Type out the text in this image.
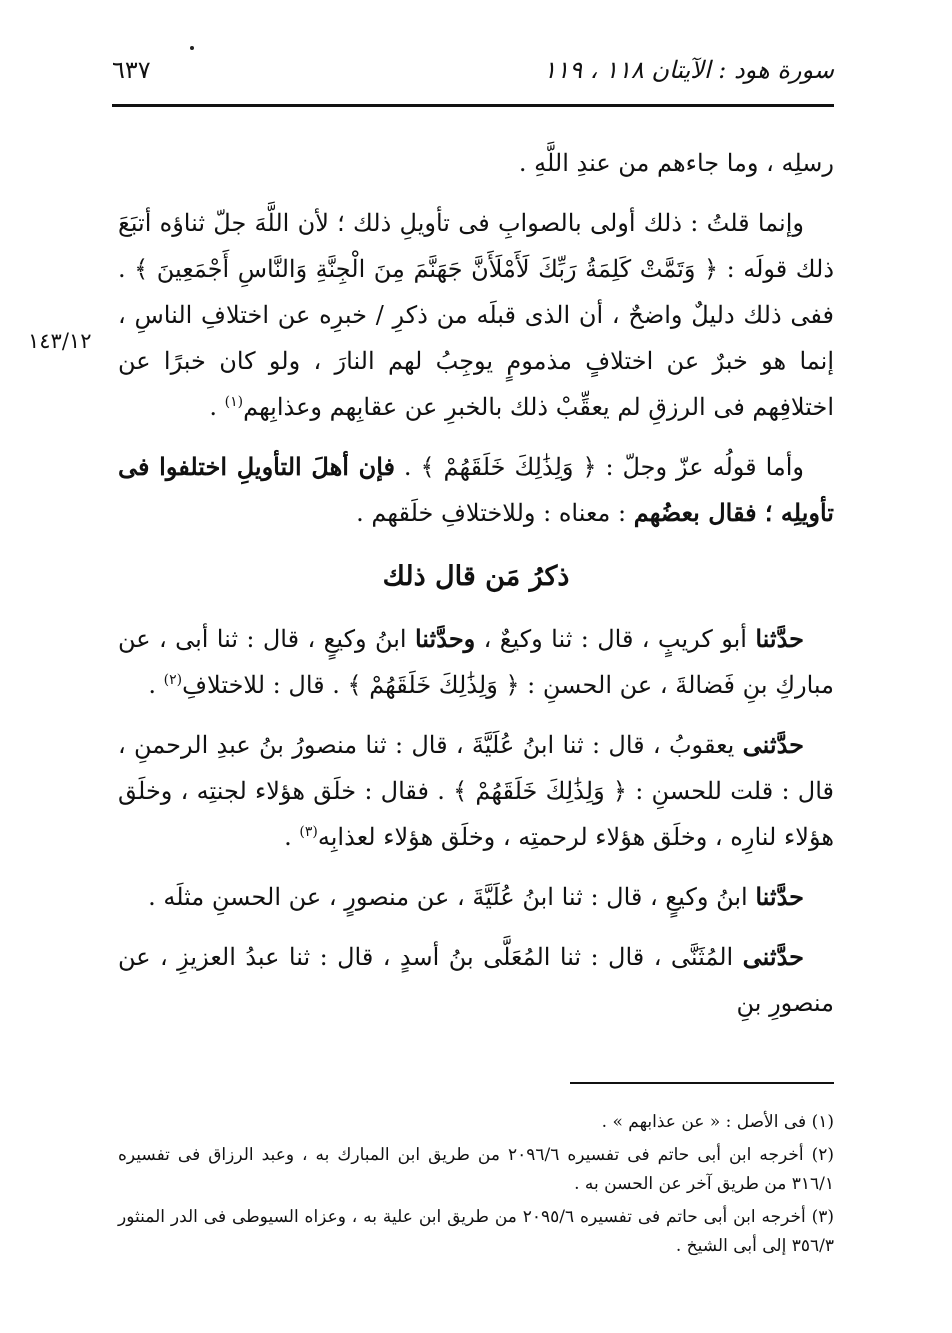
سورة هود : الآيتان ١١٨ ، ١١٩
٦٣٧
١٤٣/١٢

رسلِه ، وما جاءهم من عندِ اللَّهِ .

وإنما قلتُ : ذلك أولى بالصوابِ فى تأويلِ ذلك ؛ لأن اللَّهَ جلّ ثناؤه أتبَعَ ذلك قولَه : ﴿ وَتَمَّتْ كَلِمَةُ رَبِّكَ لَأَمْلَأَنَّ جَهَنَّمَ مِنَ الْجِنَّةِ وَالنَّاسِ أَجْمَعِينَ ﴾ . ففى ذلك دليلٌ واضحٌ ، أن الذى قبلَه من ذكرِ / خبرِه عن اختلافِ الناسِ ، إنما هو خبرٌ عن اختلافٍ مذمومٍ يوجِبُ لهم النارَ ، ولو كان خبرًا عن اختلافِهم فى الرزقِ لم يعقِّبْ ذلك بالخبرِ عن عقابِهم وعذابِهم$^{(١)}$ .

وأما قولُه عزّ وجلّ : ﴿ وَلِذَٰلِكَ خَلَقَهُمْ ﴾ . فإن أهلَ التأويلِ اختلفوا فى تأويلِه ؛ فقال بعضُهم : معناه : وللاختلافِ خلَقهم .

ذكرُ مَن قال ذلك

حدَّثنا أبو كريبٍ ، قال : ثنا وكيعٌ ، وحدَّثنا ابنُ وكيعٍ ، قال : ثنا أبى ، عن مباركِ بنِ فَضالةَ ، عن الحسنِ : ﴿ وَلِذَٰلِكَ خَلَقَهُمْ ﴾ . قال : للاختلافِ$^{(٢)}$ .

حدَّثنى يعقوبُ ، قال : ثنا ابنُ عُلَيَّةَ ، قال : ثنا منصورُ بنُ عبدِ الرحمنِ ، قال : قلت للحسنِ : ﴿ وَلِذَٰلِكَ خَلَقَهُمْ ﴾ . فقال : خلَق هؤلاء لجنتِه ، وخلَق هؤلاء لنارِه ، وخلَق هؤلاء لرحمتِه ، وخلَق هؤلاء لعذابِه$^{(٣)}$ .

حدَّثنا ابنُ وكيعٍ ، قال : ثنا ابنُ عُلَيَّةَ ، عن منصورٍ ، عن الحسنِ مثلَه .

حدَّثنى المُثَنَّى ، قال : ثنا المُعَلَّى بنُ أسدٍ ، قال : ثنا عبدُ العزيزِ ، عن منصورِ بنِ

(١) فى الأصل : « عن عذابهم » .

(٢) أخرجه ابن أبى حاتم فى تفسيره ٢٠٩٦/٦ من طريق ابن المبارك به ، وعبد الرزاق فى تفسيره ٣١٦/١ من طريق آخر عن الحسن به .

(٣) أخرجه ابن أبى حاتم فى تفسيره ٢٠٩٥/٦ من طريق ابن علية به ، وعزاه السيوطى فى الدر المنثور ٣٥٦/٣ إلى أبى الشيخ .
